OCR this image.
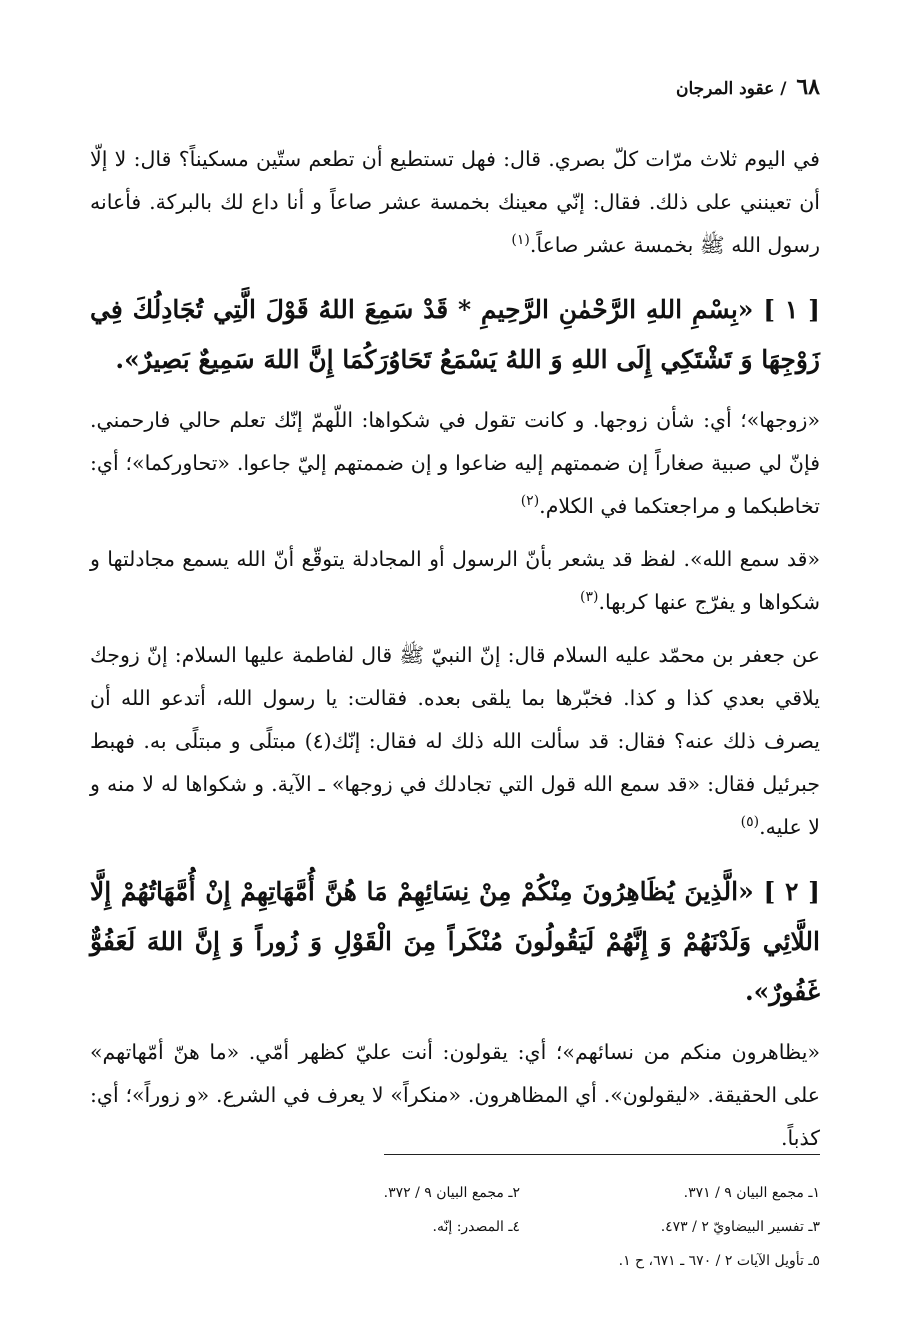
٦٨ / عقود المرجان

في اليوم ثلاث مرّات كلّ بصري. قال: فهل تستطيع أن تطعم ستّين مسكيناً؟ قال: لا إلّا أن تعينني على ذلك. فقال: إنّي معينك بخمسة عشر صاعاً و أنا داع لك بالبركة. فأعانه رسول الله ﷺ بخمسة عشر صاعاً.$^{(١)}$

[ ١ ] «بِسْمِ اللهِ الرَّحْمٰنِ الرَّحِيمِ * قَدْ سَمِعَ اللهُ قَوْلَ الَّتِي تُجَادِلُكَ فِي زَوْجِهَا وَ تَشْتَكِي إِلَى اللهِ وَ اللهُ يَسْمَعُ تَحَاوُرَكُمَا إِنَّ اللهَ سَمِيعٌ بَصِيرٌ».

«زوجها»؛ أي: شأن زوجها. و كانت تقول في شكواها: اللّهمّ إنّك تعلم حالي فارحمني. فإنّ لي صبية صغاراً إن ضممتهم إليه ضاعوا و إن ضممتهم إليّ جاعوا. «تحاوركما»؛ أي: تخاطبكما و مراجعتكما في الكلام.$^{(٢)}$

«قد سمع الله». لفظ قد يشعر بأنّ الرسول أو المجادلة يتوقّع أنّ الله يسمع مجادلتها و شكواها و يفرّج عنها كربها.$^{(٣)}$

عن جعفر بن محمّد عليه السلام قال: إنّ النبيّ ﷺ قال لفاطمة عليها السلام: إنّ زوجك يلاقي بعدي كذا و كذا. فخبّرها بما يلقى بعده. فقالت: يا رسول الله، أتدعو الله أن يصرف ذلك عنه؟ فقال: قد سألت الله ذلك له فقال: إنّك(٤) مبتلًى و مبتلًى به. فهبط جبرئيل فقال: «قد سمع الله قول التي تجادلك في زوجها» ـ الآية. و شكواها له لا منه و لا عليه.$^{(٥)}$

[ ٢ ] «الَّذِينَ يُظَاهِرُونَ مِنْكُمْ مِنْ نِسَائِهِمْ مَا هُنَّ أُمَّهَاتِهِمْ إِنْ أُمَّهَاتُهُمْ إِلَّا اللَّائِي وَلَدْنَهُمْ وَ إِنَّهُمْ لَيَقُولُونَ مُنْكَراً مِنَ الْقَوْلِ وَ زُوراً وَ إِنَّ اللهَ لَعَفُوٌّ غَفُورٌ».

«يظاهرون منكم من نسائهم»؛ أي: يقولون: أنت عليّ كظهر أمّي. «ما هنّ أمّهاتهم» على الحقيقة. «ليقولون». أي المظاهرون. «منكراً» لا يعرف في الشرع. «و زوراً»؛ أي: كذباً.

١ـ مجمع البيان ٩ / ٣٧١.
٢ـ مجمع البيان ٩ / ٣٧٢.
٣ـ تفسير البيضاويّ ٢ / ٤٧٣.
٤ـ المصدر: إنّه.
٥ـ تأويل الآيات ٢ / ٦٧٠ ـ ٦٧١، ح ١.
